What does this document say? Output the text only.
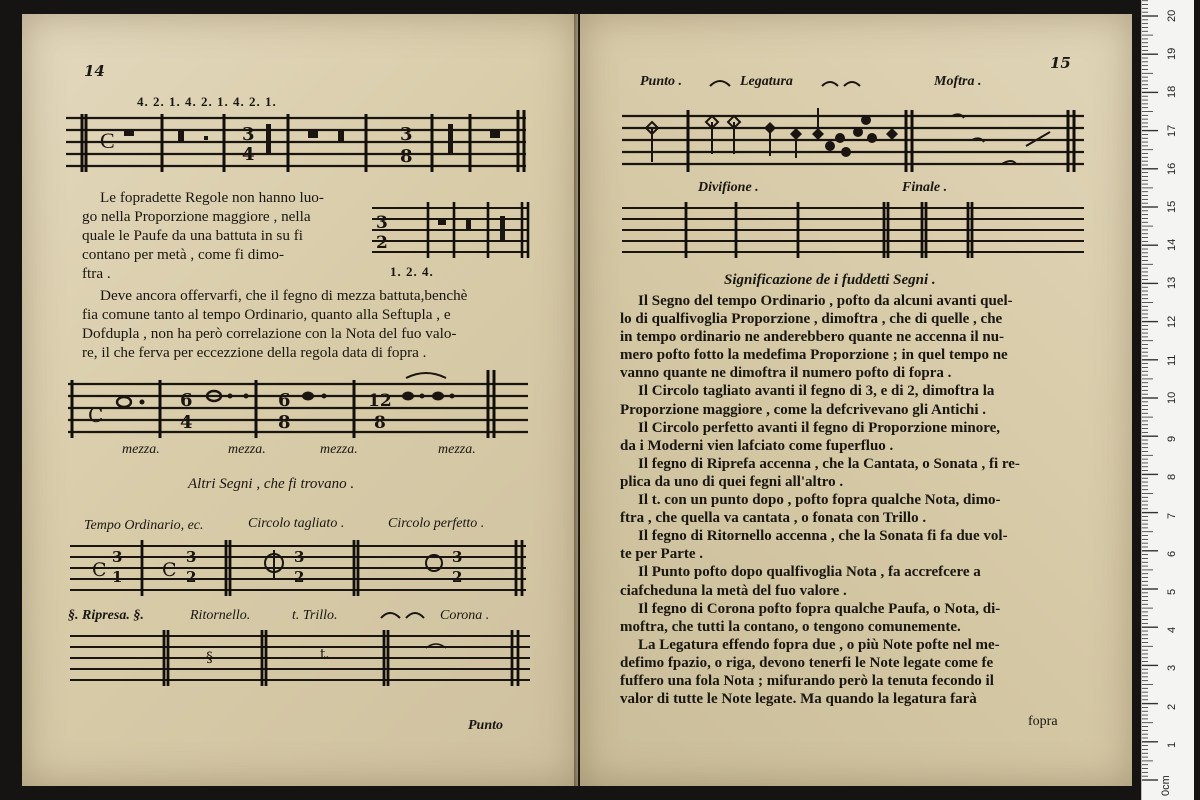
14
4. 2. 1. 4. 2. 1. 4. 2. 1.
C	3
4
3
8

Le fopradette Regole non hanno luo-

go nella Proporzione maggiore , nella

quale le Paufe da una battuta in su fi

contano per metà , come fi dimo-

ftra .

3
2
1. 2. 4.

Deve ancora offervarfi, che il fegno di mezza battuta,benchè

fia comune tanto al tempo Ordinario, quanto alla Seftupla , e

Dofdupla , non ha però correlazione con la Nota del fuo valo-

re, il che ferva per eccezzione della regola data di fopra .

C
6
4
6
8
12
8
mezza.	mezza.	mezza.	mezza.
Altri Segni , che fi trovano .
Tempo Ordinario, ec.	Circolo tagliato .	Circolo perfetto .
C
3
1 C
3
2
3
2
3
2
§. Ripresa. §.	Ritornello.	t. Trillo.	Corona .
§	t.
Punto
15
Punto .	Legatura	Moftra .
Divifione .	Finale .
Significazione de i fuddetti Segni .

Il Segno del tempo Ordinario , pofto da alcuni avanti quel-

lo di qualfivoglia Proporzione , dimoftra , che di quelle , che

in tempo ordinario ne anderebbero quante ne accenna il nu-

mero pofto fotto la medefima Proporzione ; in quel tempo ne

vanno quante ne dimoftra il numero pofto di fopra .

Il Circolo tagliato avanti il fegno di 3, e di 2, dimoftra la

Proporzione maggiore , come la defcrivevano gli Antichi .

Il Circolo perfetto avanti il fegno di Proporzione minore,

da i Moderni vien lafciato come fuperfluo .

Il fegno di Riprefa accenna , che la Cantata, o Sonata , fi re-

plica da uno di quei fegni all'altro .

Il t. con un punto dopo , pofto fopra qualche Nota, dimo-

ftra , che quella va cantata , o fonata con Trillo .

Il fegno di Ritornello accenna , che la Sonata fi fa due vol-

te per Parte .

Il Punto pofto dopo qualfivoglia Nota , fa accrefcere a

ciafcheduna la metà del fuo valore .

Il fegno di Corona pofto fopra qualche Paufa, o Nota, di-

moftra, che tutti la contano, o tengono comunemente.

La Legatura effendo fopra due , o più Note pofte nel me-

defimo fpazio, o riga, devono tenerfi le Note legate come fe

fuffero una fola Nota ; mifurando però la tenuta fecondo il

valor di tutte le Note legate. Ma quando la legatura farà

fopra
1
2
3
4
5
6
7
8
9
10
11
12
13
14
15
16
17
18
19
20
0cm
